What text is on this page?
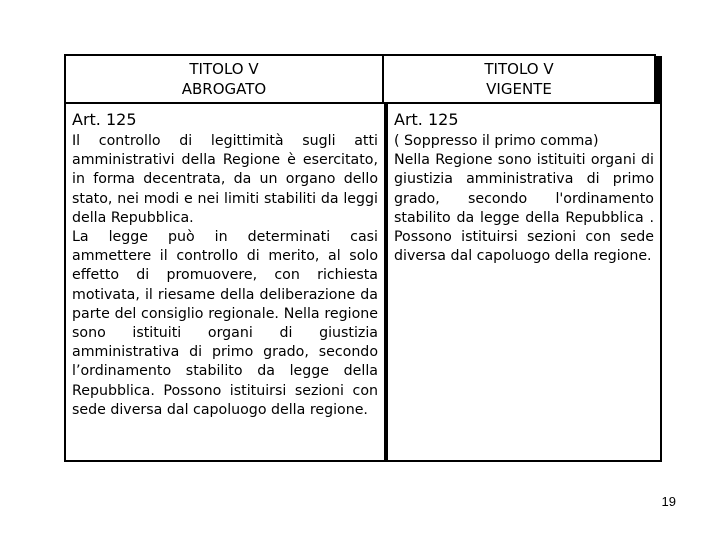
TITOLO V
ABROGATO
TITOLO V
VIGENTE
Art. 125

Il controllo di legittimità sugli atti amministrativi della Regione è esercitato, in forma decentrata, da un organo dello stato, nei modi e nei limiti stabiliti da leggi della Repubblica.

La legge può in determinati casi ammettere il controllo di merito, al solo effetto di promuovere, con richiesta motivata, il riesame della deliberazione da parte del consiglio regionale. Nella regione sono istituiti organi di giustizia amministrativa di primo grado, secondo l’ordinamento stabilito da legge della Repubblica. Possono istituirsi sezioni con sede diversa dal capoluogo della regione.

Art. 125

( Soppresso il primo comma)

Nella Regione sono istituiti organi di giustizia amministrativa di primo grado, secondo l'ordinamento stabilito da legge della Repubblica . Possono istituirsi sezioni con sede diversa dal capoluogo della regione.

19
